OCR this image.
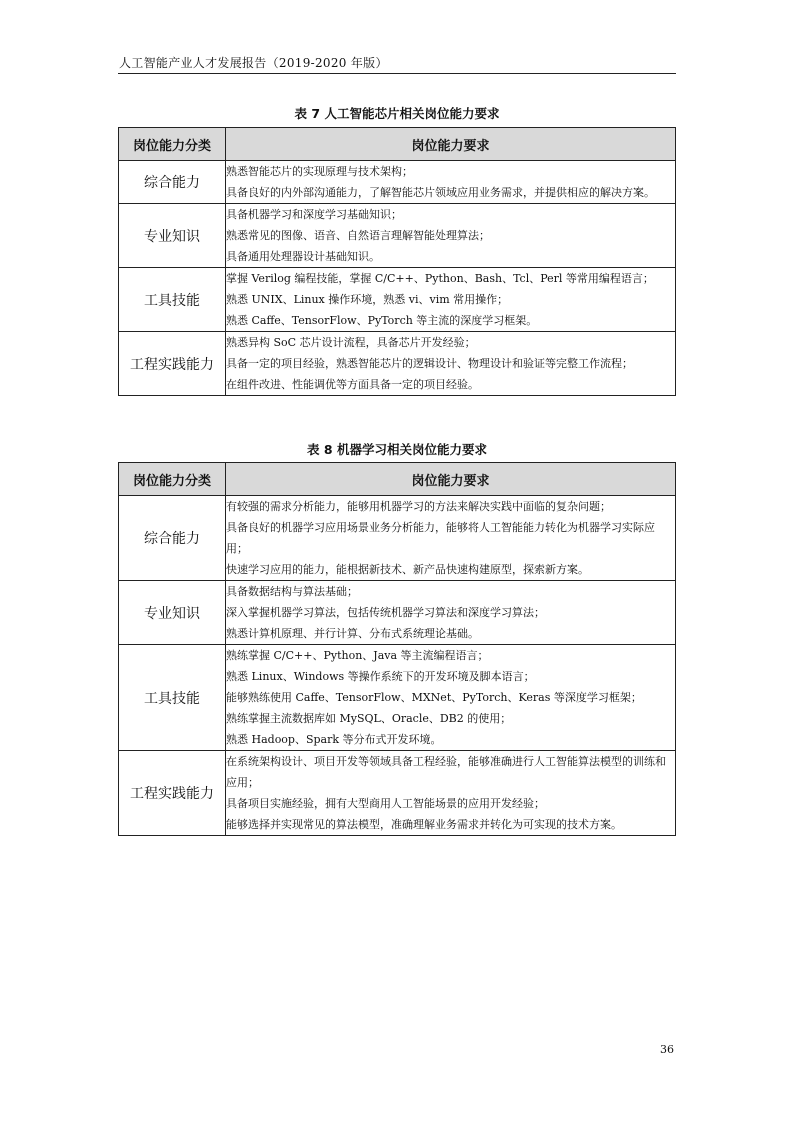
人工智能产业人才发展报告（2019-2020 年版）
表 7 人工智能芯片相关岗位能力要求
岗位能力分类	岗位能力要求
综合能力	熟悉智能芯片的实现原理与技术架构；
具备良好的内外部沟通能力，了解智能芯片领域应用业务需求，并提供相应的解决方案。

专业知识	具备机器学习和深度学习基础知识；
熟悉常见的图像、语音、自然语言理解智能处理算法；
具备通用处理器设计基础知识。

工具技能	掌握 Verilog 编程技能，掌握 C/C++、Python、Bash、Tcl、Perl 等常用编程语言；
熟悉 UNIX、Linux 操作环境，熟悉 vi、vim 常用操作；
熟悉 Caffe、TensorFlow、PyTorch 等主流的深度学习框架。

工程实践能力	熟悉异构 SoC 芯片设计流程，具备芯片开发经验；
具备一定的项目经验，熟悉智能芯片的逻辑设计、物理设计和验证等完整工作流程；
在组件改进、性能调优等方面具备一定的项目经验。
表 8 机器学习相关岗位能力要求
岗位能力分类	岗位能力要求
综合能力	有较强的需求分析能力，能够用机器学习的方法来解决实践中面临的复杂问题；
具备良好的机器学习应用场景业务分析能力，能够将人工智能能力转化为机器学习实际应用；
快速学习应用的能力，能根据新技术、新产品快速构建原型，探索新方案。

专业知识	具备数据结构与算法基础；
深入掌握机器学习算法，包括传统机器学习算法和深度学习算法；
熟悉计算机原理、并行计算、分布式系统理论基础。

工具技能	熟练掌握 C/C++、Python、Java 等主流编程语言；
熟悉 Linux、Windows 等操作系统下的开发环境及脚本语言；
能够熟练使用 Caffe、TensorFlow、MXNet、PyTorch、Keras 等深度学习框架；
熟练掌握主流数据库如 MySQL、Oracle、DB2 的使用；
熟悉 Hadoop、Spark 等分布式开发环境。

工程实践能力	在系统架构设计、项目开发等领域具备工程经验，能够准确进行人工智能算法模型的训练和应用；
具备项目实施经验，拥有大型商用人工智能场景的应用开发经验；
能够选择并实现常见的算法模型，准确理解业务需求并转化为可实现的技术方案。
36
